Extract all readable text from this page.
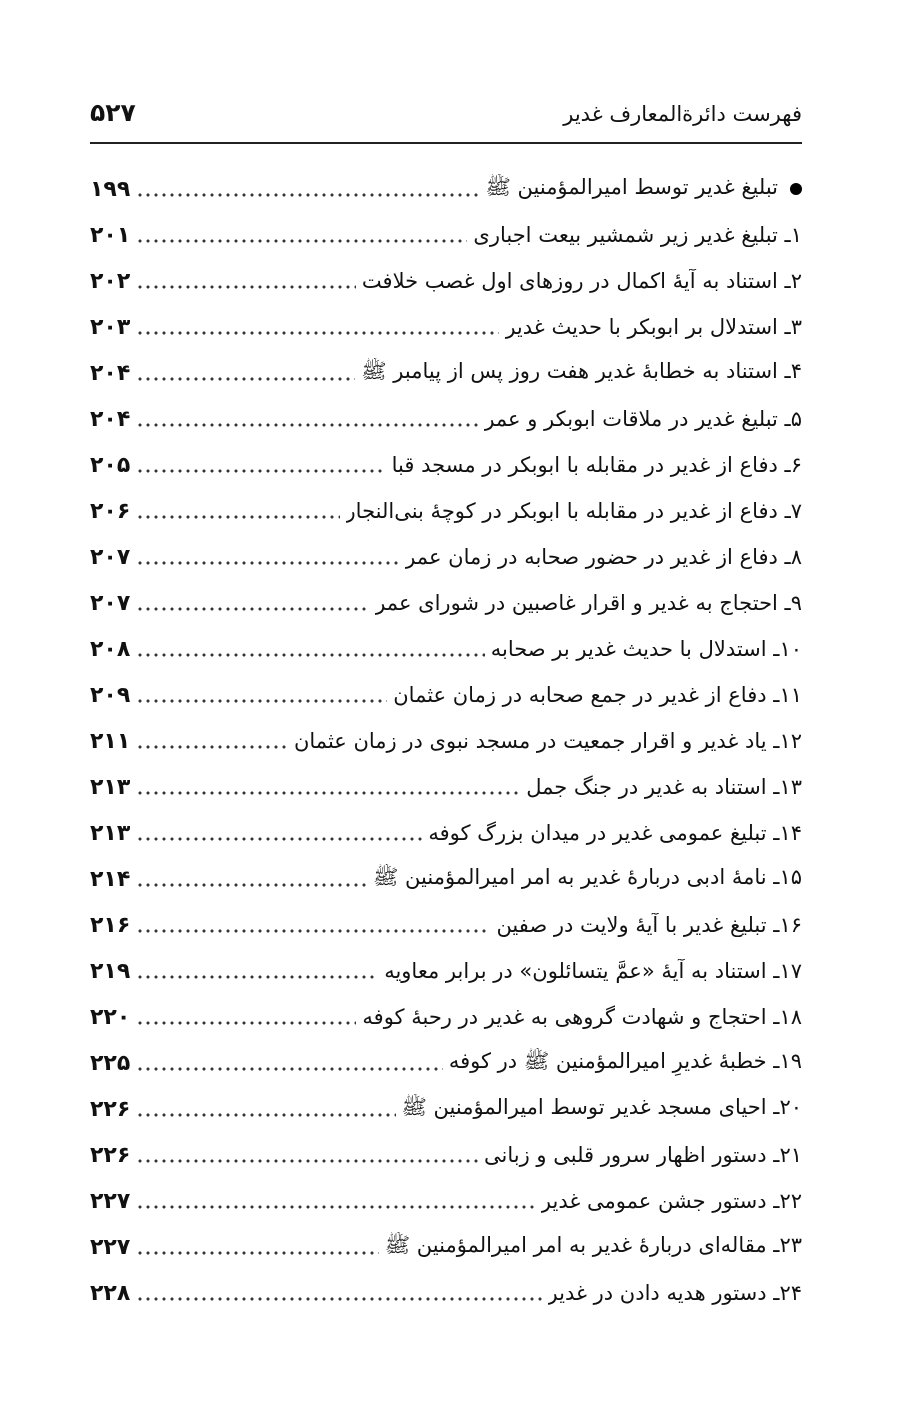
فهرست دائرةالمعارف غدیر
۵۲۷
تبلیغ غدیر توسط امیرالمؤمنین ﷺ
۱۹۹
۱ـ تبلیغ غدیر زیر شمشیر بیعت اجباری
۲۰۱
۲ـ استناد به آیهٔ اکمال در روزهای اول غصب خلافت
۲۰۲
۳ـ استدلال بر ابوبکر با حدیث غدیر
۲۰۳
۴ـ استناد به خطابهٔ غدیر هفت روز پس از پیامبر ﷺ
۲۰۴
۵ـ تبلیغ غدیر در ملاقات ابوبکر و عمر
۲۰۴
۶ـ دفاع از غدیر در مقابله با ابوبکر در مسجد قبا
۲۰۵
۷ـ دفاع از غدیر در مقابله با ابوبکر در کوچهٔ بنی‌النجار
۲۰۶
۸ـ دفاع از غدیر در حضور صحابه در زمان عمر
۲۰۷
۹ـ احتجاج به غدیر و اقرار غاصبین در شورای عمر
۲۰۷
۱۰ـ استدلال با حدیث غدیر بر صحابه
۲۰۸
۱۱ـ دفاع از غدیر در جمع صحابه در زمان عثمان
۲۰۹
۱۲ـ یاد غدیر و اقرار جمعیت در مسجد نبوی در زمان عثمان
۲۱۱
۱۳ـ استناد به غدیر در جنگ جمل
۲۱۳
۱۴ـ تبلیغ عمومی غدیر در میدان بزرگ کوفه
۲۱۳
۱۵ـ نامهٔ ادبی دربارهٔ غدیر به امر امیرالمؤمنین ﷺ
۲۱۴
۱۶ـ تبلیغ غدیر با آیهٔ ولایت در صفین
۲۱۶
۱۷ـ استناد به آیهٔ «عمَّ یتسائلون» در برابر معاویه
۲۱۹
۱۸ـ احتجاج و شهادت گروهی به غدیر در رحبهٔ کوفه
۲۲۰
۱۹ـ خطبهٔ غدیرِ امیرالمؤمنین ﷺ در کوفه
۲۲۵
۲۰ـ احیای مسجد غدیر توسط امیرالمؤمنین ﷺ
۲۲۶
۲۱ـ دستور اظهار سرور قلبی و زبانی
۲۲۶
۲۲ـ دستور جشن عمومی غدیر
۲۲۷
۲۳ـ مقاله‌ای دربارهٔ غدیر به امر امیرالمؤمنین ﷺ
۲۲۷
۲۴ـ دستور هدیه دادن در غدیر
۲۲۸
